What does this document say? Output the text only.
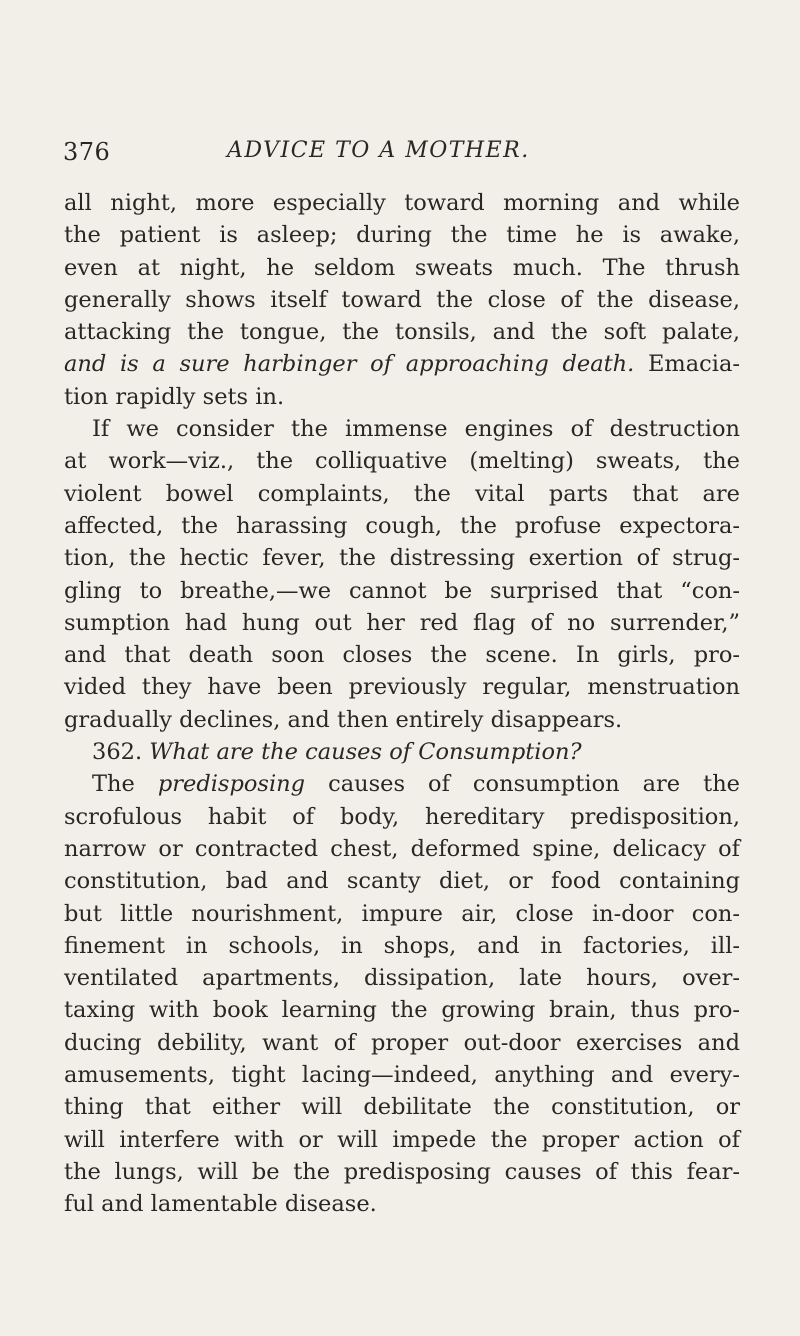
376	ADVICE TO A MOTHER.
all night, more especially toward morning and while
the patient is asleep; during the time he is awake,
even at night, he seldom sweats much. The thrush
generally shows itself toward the close of the disease,
attacking the tongue, the tonsils, and the soft palate,
and is a sure harbinger of approaching death. Emacia-
tion rapidly sets in.
If we consider the immense engines of destruction
at work—viz., the colliquative (melting) sweats, the
violent bowel complaints, the vital parts that are
affected, the harassing cough, the profuse expectora-
tion, the hectic fever, the distressing exertion of strug-
gling to breathe,—we cannot be surprised that “con-
sumption had hung out her red flag of no surrender,”
and that death soon closes the scene. In girls, pro-
vided they have been previously regular, menstruation
gradually declines, and then entirely disappears.
362. What are the causes of Consumption?
The predisposing causes of consumption are the
scrofulous habit of body, hereditary predisposition,
narrow or contracted chest, deformed spine, delicacy of
constitution, bad and scanty diet, or food containing
but little nourishment, impure air, close in-door con-
finement in schools, in shops, and in factories, ill-
ventilated apartments, dissipation, late hours, over-
taxing with book learning the growing brain, thus pro-
ducing debility, want of proper out-door exercises and
amusements, tight lacing—indeed, anything and every-
thing that either will debilitate the constitution, or
will interfere with or will impede the proper action of
the lungs, will be the predisposing causes of this fear-
ful and lamentable disease.
